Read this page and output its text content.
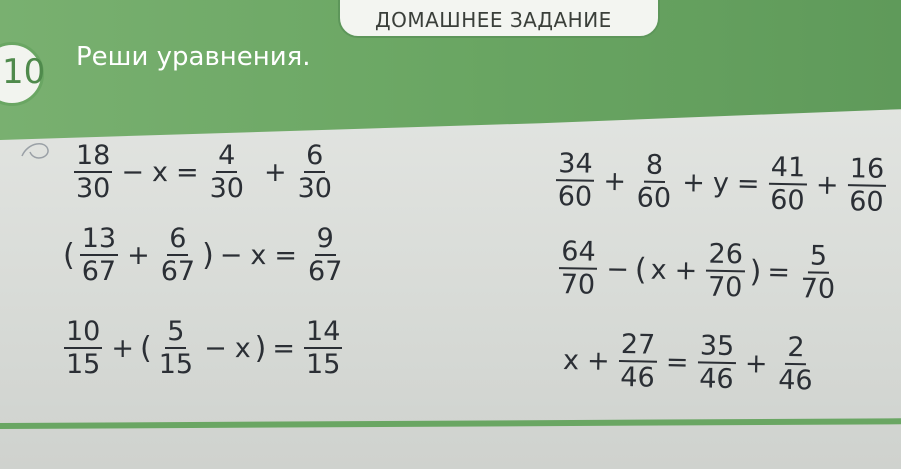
ДОМАШНЕЕ ЗАДАНИЕ
10 Реши уравнения.
$\frac{18}{30} - x = \frac{4}{30} + \frac{6}{30}$
( $\frac{13}{67} + \frac{6}{67}$ ) − $x = \frac{9}{67}$
$\frac{10}{15}$ + ( $\frac{5}{15} - x$ ) = $\frac{14}{15}$
$\frac{34}{60} + \frac{8}{60} + y = \frac{41}{60} + \frac{16}{60}$
$\frac{64}{70}$ − ( $x + \frac{26}{70}$ ) = $\frac{5}{70}$
$x + \frac{27}{46} = \frac{35}{46} + \frac{2}{46}$
